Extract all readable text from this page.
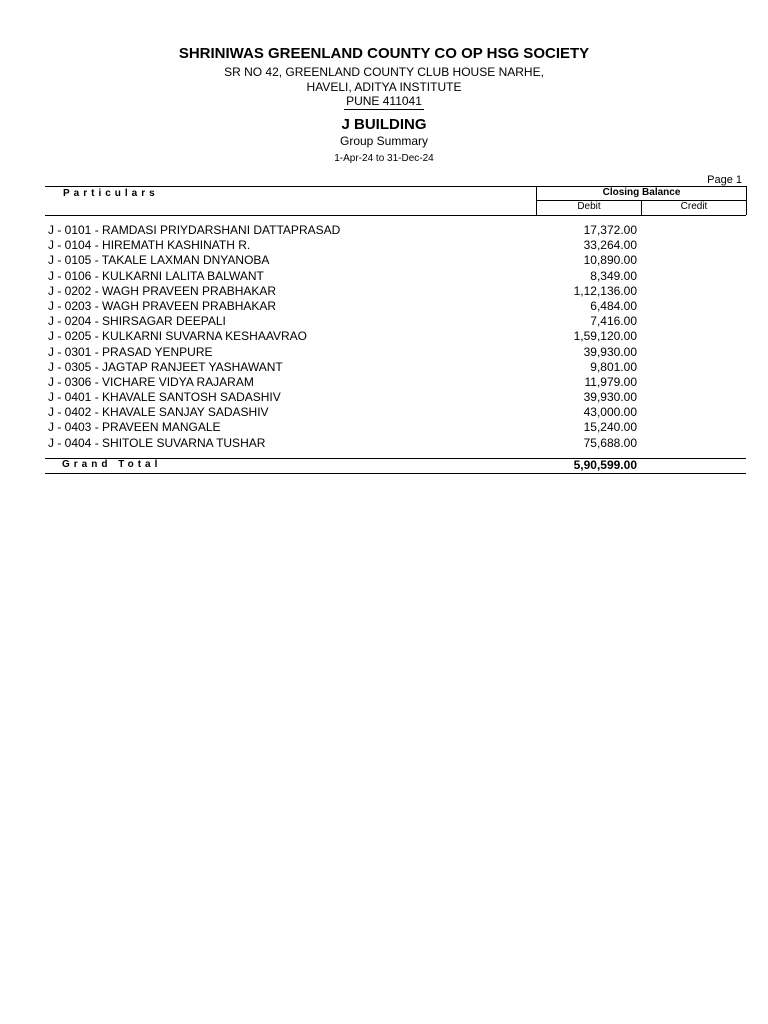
SHRINIWAS GREENLAND COUNTY CO OP HSG SOCIETY
SR NO 42, GREENLAND COUNTY CLUB HOUSE NARHE,
HAVELI, ADITYA INSTITUTE
PUNE 411041
J BUILDING
Group Summary
1-Apr-24 to 31-Dec-24
Page 1
Particulars	Closing Balance
Debit	Credit
J - 0101 - RAMDASI PRIYDARSHANI DATTAPRASAD	17,372.00
J - 0104 - HIREMATH KASHINATH R.	33,264.00
J - 0105 - TAKALE LAXMAN DNYANOBA	10,890.00
J - 0106 - KULKARNI LALITA BALWANT	8,349.00
J - 0202 - WAGH PRAVEEN PRABHAKAR	1,12,136.00
J - 0203 - WAGH PRAVEEN PRABHAKAR	6,484.00
J - 0204 - SHIRSAGAR DEEPALI	7,416.00
J - 0205 - KULKARNI SUVARNA KESHAAVRAO	1,59,120.00
J - 0301 - PRASAD YENPURE	39,930.00
J - 0305 - JAGTAP RANJEET YASHAWANT	9,801.00
J - 0306 - VICHARE VIDYA RAJARAM	11,979.00
J - 0401 - KHAVALE SANTOSH SADASHIV	39,930.00
J - 0402 - KHAVALE SANJAY SADASHIV	43,000.00
J - 0403 - PRAVEEN MANGALE	15,240.00
J - 0404 - SHITOLE SUVARNA TUSHAR	75,688.00
Grand Total	5,90,599.00
